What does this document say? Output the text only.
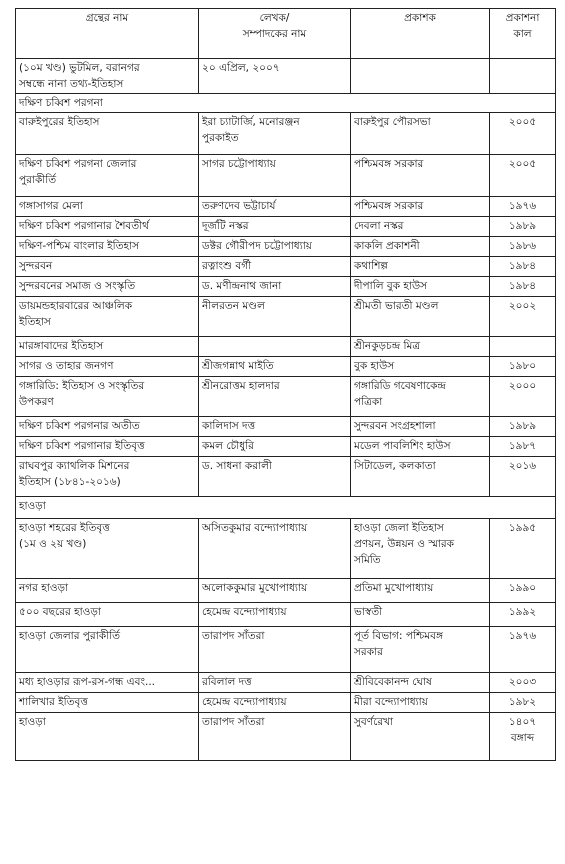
গ্রন্থের নাম	লেখক/
সম্পাদকের নাম	প্রকাশক	প্রকাশনা
কাল

(১০ম খণ্ড) ভুটমিল, বরানগর
সম্বন্ধে নানা তথ্য-ইতিহাস	২০ এপ্রিল, ২০০৭		

দক্ষিণ চব্বিশ পরগনা			

বারুইপুরের ইতিহাস	ইরা চ্যাটার্জি, মনোরঞ্জন
পুরকাইত	বারুইপুর পৌরসভা	২০০৫

দক্ষিণ চব্বিশ পরগনা জেলার
পুরাকীর্তি	সাগর চট্টোপাধ্যায়	পশ্চিমবঙ্গ সরকার	২০০৫

গঙ্গাসাগর মেলা	তরুণদেব ভট্টাচার্য	পশ্চিমবঙ্গ সরকার	১৯৭৬

দক্ষিণ চব্বিশ পরগানার শৈবতীর্থ	দূর্জটি নস্কর	দেবলা নস্কর	১৯৮৯

দক্ষিণ-পশ্চিম বাংলার ইতিহাস	ডক্টর গৌরীপদ চট্টোপাধ্যায়	কাকলি প্রকাশনী	১৯৮৬

সুন্দরবন	রত্নাংশু বর্গী	কথাশিল্প	১৯৮৪

সুন্দরবনের সমাজ ও সংস্কৃতি	ড. মণীন্দ্রনাথ জানা	দীপালি বুক হাউস	১৯৮৪

ডায়মন্ডহারবারের আঞ্চলিক
ইতিহাস	নীলরতন মণ্ডল	শ্রীমতী ভারতী মণ্ডল	২০০২

মারঙ্গাবাদের ইতিহাস		শ্রীনকুড়চন্দ্র মিত্র	

সাগর ও তাহার জনগণ	শ্রীজগন্নাথ মাইতি	বুক হাউস	১৯৮০

গঙ্গারিডি: ইতিহাস ও সংস্কৃতির
উপকরণ	শ্রীনরোত্তম হালদার	গঙ্গারিডি গবেষণাকেন্দ্র
পত্রিকা	২০০০

দক্ষিণ চব্বিশ পরগনার অতীত	কালিদাস দত্ত	সুন্দরবন সংগ্রহশালা	১৯৮৯

দক্ষিণ চব্বিশ পরগানার ইতিবৃত্ত	কমল চৌধুরি	মডেল পাবলিশিং হাউস	১৯৮৭

রাঘবপুর ক্যাথলিক মিশনের
ইতিহাস (১৮৪১-২০১৬)	ড. সাধনা করালী	সিটাডেল, কলকাতা	২০১৬

হাওড়া			

হাওড়া শহরের ইতিবৃত্ত
(১ম ও ২য় খণ্ড)	অসিতকুমার বন্দ্যোপাধ্যায়	হাওড়া জেলা ইতিহাস
প্রণয়ন, উন্নয়ন ও স্মারক
সমিতি	১৯৯৫

নগর হাওড়া	অলোককুমার মুখোপাধ্যায়	প্রতিমা মুখোপাধ্যায়	১৯৯০

৫০০ বছরের হাওড়া	হেমেন্দ্র বন্দ্যোপাধ্যায়	ভাস্বতী	১৯৯২

হাওড়া জেলার পুরাকীর্তি	তারাপদ সাঁতরা	পূর্ত বিভাগ: পশ্চিমবঙ্গ
সরকার	১৯৭৬

মধ্য হাওড়ার রূপ-রস-গন্ধ এবং...	রবিলাল দত্ত	শ্রীবিবেকানন্দ ঘোষ	২০০৩

শালিখার ইতিবৃত্ত	হেমেন্দ্র বন্দ্যোপাধ্যায়	মীরা বন্দ্যোপাধ্যায়	১৯৮২

হাওড়া	তারাপদ সাঁতরা	সুবর্ণরেখা	১৪০৭
বঙ্গাব্দ
